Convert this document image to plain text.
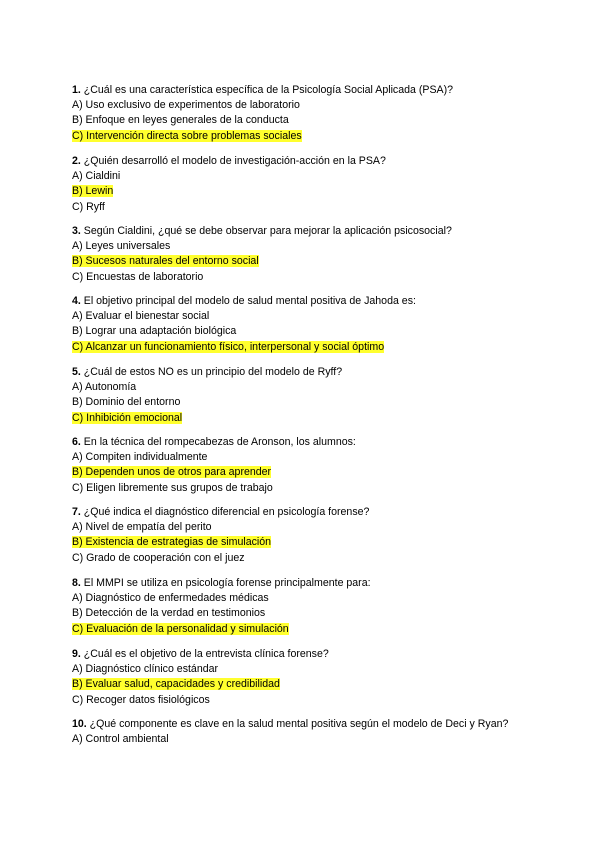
1. ¿Cuál es una característica específica de la Psicología Social Aplicada (PSA)?
A) Uso exclusivo de experimentos de laboratorio
B) Enfoque en leyes generales de la conducta
C) Intervención directa sobre problemas sociales
2. ¿Quién desarrolló el modelo de investigación-acción en la PSA?
A) Cialdini
B) Lewin
C) Ryff
3. Según Cialdini, ¿qué se debe observar para mejorar la aplicación psicosocial?
A) Leyes universales
B) Sucesos naturales del entorno social
C) Encuestas de laboratorio
4. El objetivo principal del modelo de salud mental positiva de Jahoda es:
A) Evaluar el bienestar social
B) Lograr una adaptación biológica
C) Alcanzar un funcionamiento físico, interpersonal y social óptimo
5. ¿Cuál de estos NO es un principio del modelo de Ryff?
A) Autonomía
B) Dominio del entorno
C) Inhibición emocional
6. En la técnica del rompecabezas de Aronson, los alumnos:
A) Compiten individualmente
B) Dependen unos de otros para aprender
C) Eligen libremente sus grupos de trabajo
7. ¿Qué indica el diagnóstico diferencial en psicología forense?
A) Nivel de empatía del perito
B) Existencia de estrategias de simulación
C) Grado de cooperación con el juez
8. El MMPI se utiliza en psicología forense principalmente para:
A) Diagnóstico de enfermedades médicas
B) Detección de la verdad en testimonios
C) Evaluación de la personalidad y simulación
9. ¿Cuál es el objetivo de la entrevista clínica forense?
A) Diagnóstico clínico estándar
B) Evaluar salud, capacidades y credibilidad
C) Recoger datos fisiológicos
10. ¿Qué componente es clave en la salud mental positiva según el modelo de Deci y Ryan?
A) Control ambiental
